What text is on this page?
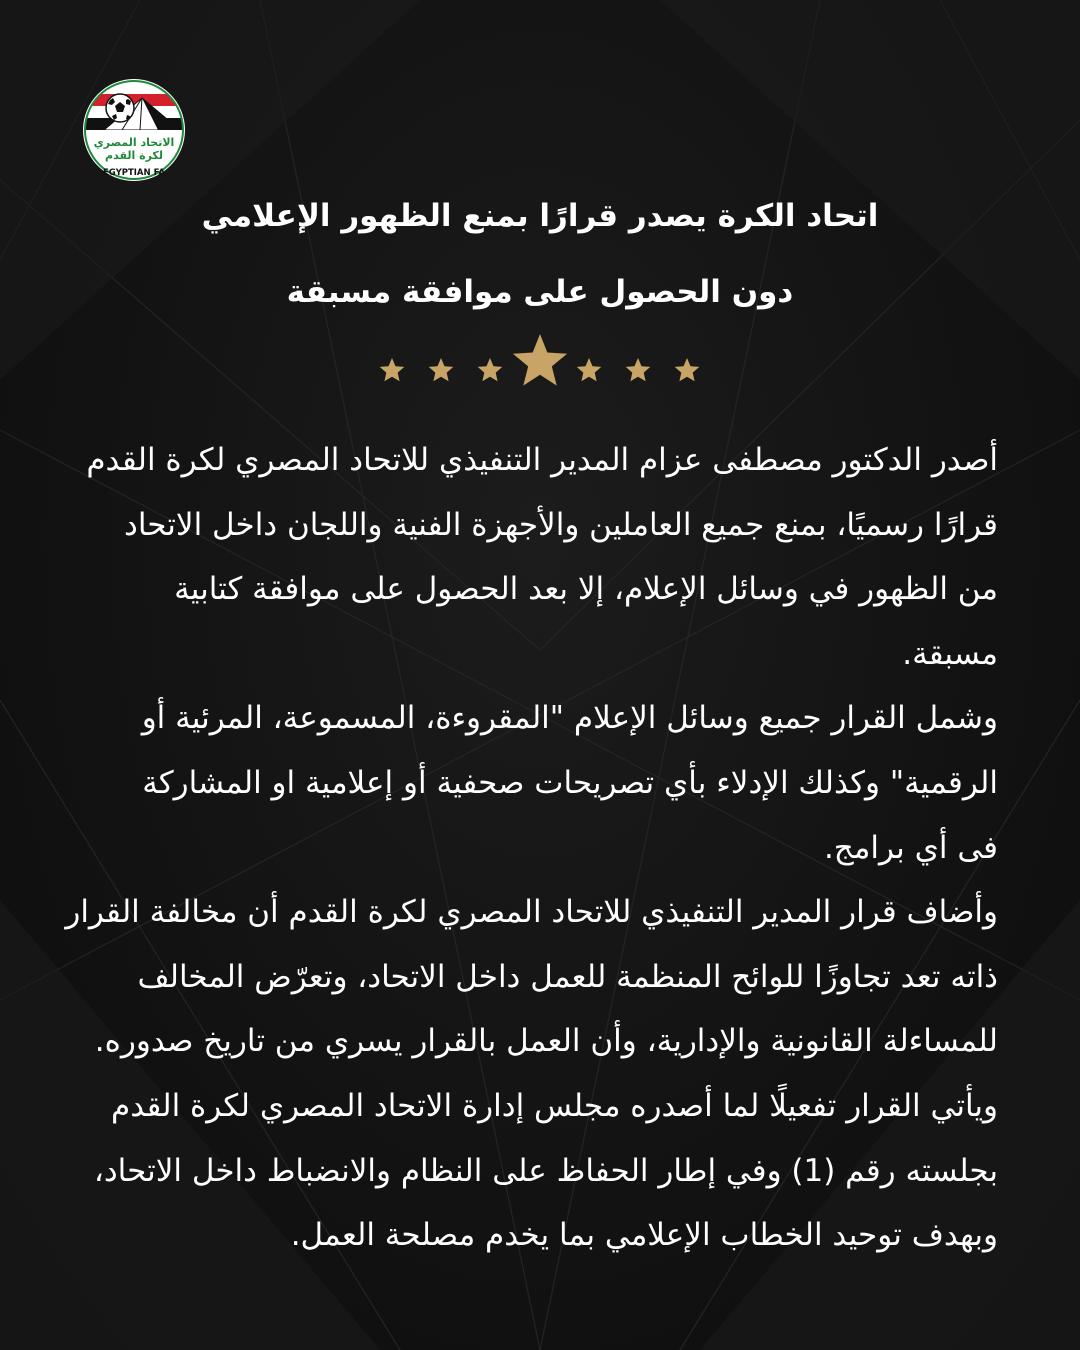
الاتحاد المصري
لكرة القدم
EGYPTIAN FA
اتحاد الكرة يصدر قرارًا بمنع الظهور الإعلامي
دون الحصول على موافقة مسبقة

أصدر الدكتور مصطفى عزام المدير التنفيذي للاتحاد المصري لكرة القدم
قرارًا رسميًا، بمنع جميع العاملين والأجهزة الفنية واللجان داخل الاتحاد
من الظهور في وسائل الإعلام، إلا بعد الحصول على موافقة كتابية
مسبقة.

وشمل القرار جميع وسائل الإعلام "المقروءة، المسموعة، المرئية أو
الرقمية" وكذلك الإدلاء بأي تصريحات صحفية أو إعلامية او المشاركة
فى أي برامج.

وأضاف قرار المدير التنفيذي للاتحاد المصري لكرة القدم أن مخالفة القرار
ذاته تعد تجاوزًا للوائح المنظمة للعمل داخل الاتحاد، وتعرّض المخالف
للمساءلة القانونية والإدارية، وأن العمل بالقرار يسري من تاريخ صدوره.

ويأتي القرار تفعيلًا لما أصدره مجلس إدارة الاتحاد المصري لكرة القدم
بجلسته رقم (1) وفي إطار الحفاظ على النظام والانضباط داخل الاتحاد،
وبهدف توحيد الخطاب الإعلامي بما يخدم مصلحة العمل.
